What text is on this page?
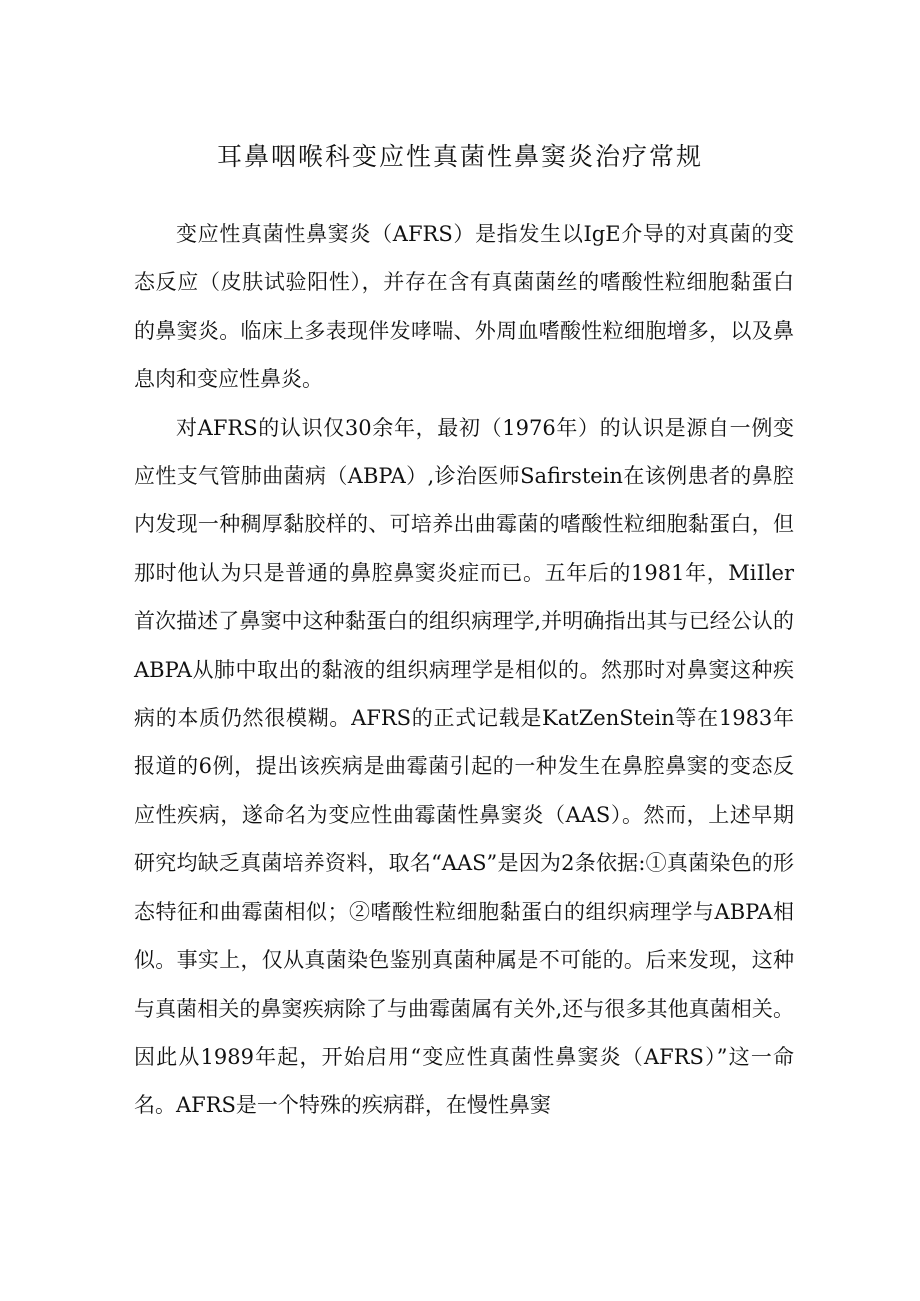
耳鼻咽喉科变应性真菌性鼻窦炎治疗常规

变应性真菌性鼻窦炎（AFRS）是指发生以IgE介导的对真菌的变态反应（皮肤试验阳性），并存在含有真菌菌丝的嗜酸性粒细胞黏蛋白的鼻窦炎。临床上多表现伴发哮喘、外周血嗜酸性粒细胞增多，以及鼻息肉和变应性鼻炎。

对AFRS的认识仅30余年，最初（1976年）的认识是源自一例变应性支气管肺曲菌病（ABPA）,诊治医师Safirstein在该例患者的鼻腔内发现一种稠厚黏胶样的、可培养出曲霉菌的嗜酸性粒细胞黏蛋白，但那时他认为只是普通的鼻腔鼻窦炎症而已。五年后的1981年，MiIler首次描述了鼻窦中这种黏蛋白的组织病理学,并明确指出其与已经公认的ABPA从肺中取出的黏液的组织病理学是相似的。然那时对鼻窦这种疾病的本质仍然很模糊。AFRS的正式记载是KatZenStein等在1983年报道的6例，提出该疾病是曲霉菌引起的一种发生在鼻腔鼻窦的变态反应性疾病，遂命名为变应性曲霉菌性鼻窦炎（AAS）。然而，上述早期研究均缺乏真菌培养资料，取名“AAS”是因为2条依据:①真菌染色的形态特征和曲霉菌相似；②嗜酸性粒细胞黏蛋白的组织病理学与ABPA相似。事实上，仅从真菌染色鉴别真菌种属是不可能的。后来发现，这种与真菌相关的鼻窦疾病除了与曲霉菌属有关外,还与很多其他真菌相关。因此从1989年起，开始启用“变应性真菌性鼻窦炎（AFRS）”这一命名。AFRS是一个特殊的疾病群，在慢性鼻窦
